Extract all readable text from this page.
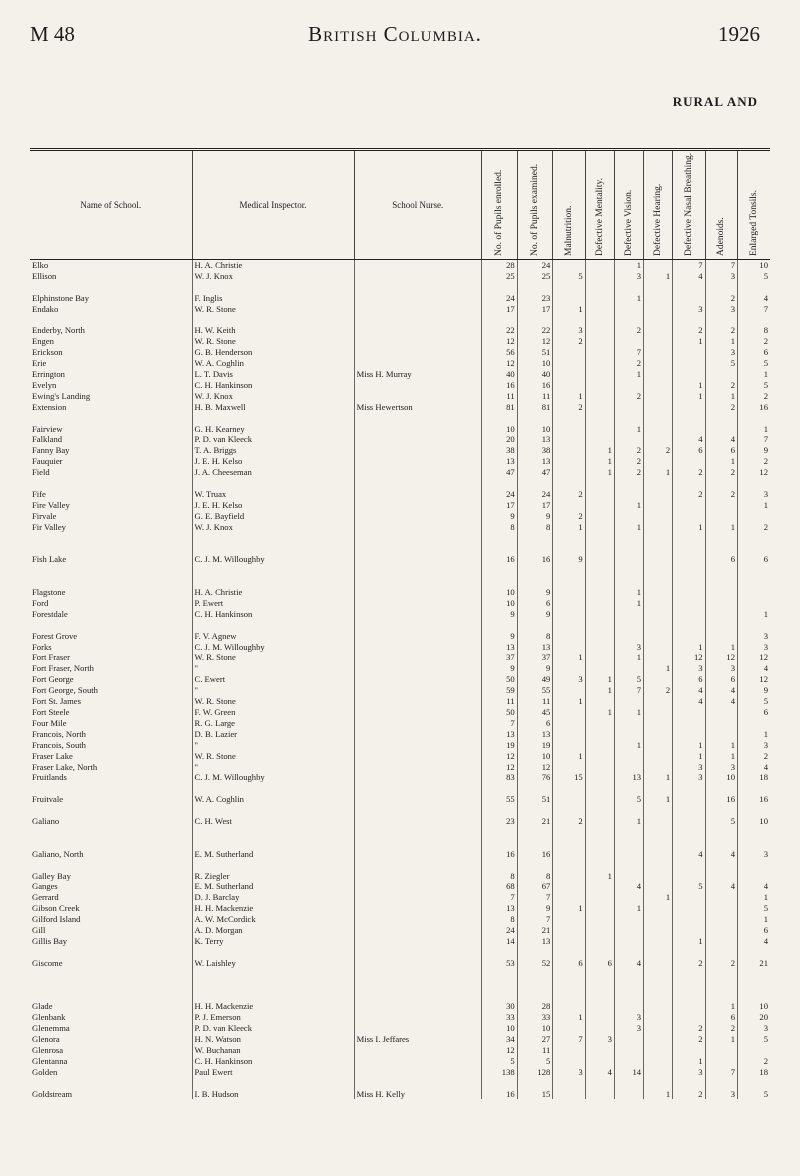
M 48	British Columbia.	1926
RURAL AND
Name of School.	Medical Inspector.	School Nurse.	No. of Pupils enrolled.	No. of Pupils examined.	Malnutrition.	Defective Mentality.	Defective Vision.	Defective Hearing.	Defective Nasal Breathing.	Adenoids.	Enlarged Tonsils.
Elko	H. A. Christie		28	24			1		7	7	10
Ellison	W. J. Knox		25	25	5		3	1	4	3	5

Elphinstone Bay	F. Inglis		24	23			1			2	4
Endako	W. R. Stone		17	17	1				3	3	7

Enderby, North	H. W. Keith		22	22	3		2		2	2	8
Engen	W. R. Stone		12	12	2				1	1	2
Erickson	G. B. Henderson		56	51			7			3	6
Erie	W. A. Coghlin		12	10			2			5	5
Errington	L. T. Davis	Miss H. Murray	40	40			1				1
Evelyn	C. H. Hankinson		16	16					1	2	5
Ewing's Landing	W. J. Knox		11	11	1		2		1	1	2
Extension	H. B. Maxwell	Miss Hewertson	81	81	2					2	16

Fairview	G. H. Kearney		10	10			1				1
Falkland	P. D. van Kleeck		20	13					4	4	7
Fanny Bay	T. A. Briggs		38	38		1	2	2	6	6	9
Fauquier	J. E. H. Kelso		13	13		1	2			1	2
Field	J. A. Cheeseman		47	47		1	2	1	2	2	12

Fife	W. Truax		24	24	2				2	2	3
Fire Valley	J. E. H. Kelso		17	17			1				1
Firvale	G. E. Bayfield		9	9	2						
Fir Valley	W. J. Knox		8	8	1		1		1	1	2

Fish Lake	C. J. M. Willoughby		16	16	9					6	6

Flagstone	H. A. Christie		10	9			1				
Ford	P. Ewert		10	6			1				
Forestdale	C. H. Hankinson		9	9							1

Forest Grove	F. V. Agnew		9	8							3
Forks	C. J. M. Willoughby		13	13			3		1	1	3
Fort Fraser	W. R. Stone		37	37	1		1		12	12	12
Fort Fraser, North	"		9	9				1	3	3	4
Fort George	C. Ewert		50	49	3	1	5		6	6	12
Fort George, South	"		59	55		1	7	2	4	4	9
Fort St. James	W. R. Stone		11	11	1				4	4	5
Fort Steele	F. W. Green		50	45		1	1				6
Four Mile	R. G. Large		7	6							
Francois, North	D. B. Lazier		13	13							1
Francois, South	"		19	19			1		1	1	3
Fraser Lake	W. R. Stone		12	10	1				1	1	2
Fraser Lake, North	"		12	12					3	3	4
Fruitlands	C. J. M. Willoughby		83	76	15		13	1	3	10	18

Fruitvale	W. A. Coghlin		55	51			5	1		16	16

Galiano	C. H. West		23	21	2		1			5	10

Galiano, North	E. M. Sutherland		16	16					4	4	3

Galley Bay	R. Ziegler		8	8		1					
Ganges	E. M. Sutherland		68	67			4		5	4	4
Gerrard	D. J. Barclay		7	7				1			1
Gibson Creek	H. H. Mackenzie		13	9	1		1				5
Gilford Island	A. W. McCordick		8	7							1
Gill	A. D. Morgan		24	21							6
Gillis Bay	K. Terry		14	13					1		4

Giscome	W. Laishley		53	52	6	6	4		2	2	21

Glade	H. H. Mackenzie		30	28						1	10
Glenbank	P. J. Emerson		33	33	1		3			6	20
Glenemma	P. D. van Kleeck		10	10			3		2	2	3
Glenora	H. N. Watson	Miss I. Jeffares	34	27	7	3			2	1	5
Glenrosa	W. Buchanan		12	11							
Glentanna	C. H. Hankinson		5	5					1		2
Golden	Paul Ewert		138	128	3	4	14		3	7	18

Goldstream	I. B. Hudson	Miss H. Kelly	16	15				1	2	3	5
